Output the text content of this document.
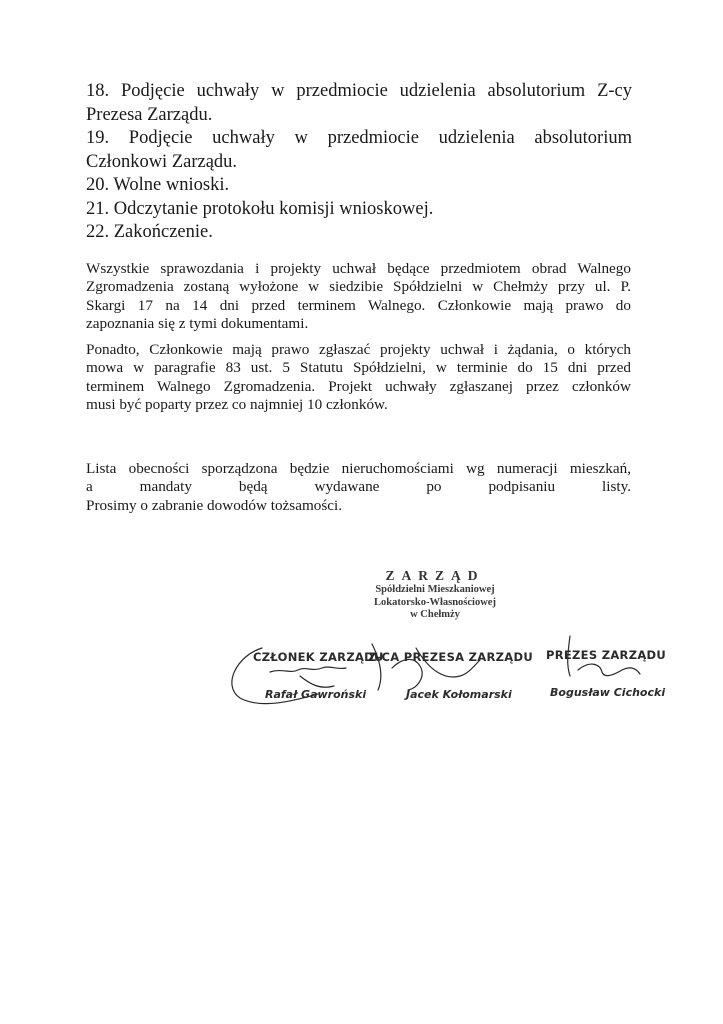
18. Podjęcie uchwały w przedmiocie udzielenia absolutorium Z-cy
Prezesa Zarządu.
19. Podjęcie uchwały w przedmiocie udzielenia absolutorium
Członkowi Zarządu.
20. Wolne wnioski.
21. Odczytanie protokołu komisji wnioskowej.
22. Zakończenie.

Wszystkie sprawozdania i projekty uchwał będące przedmiotem obrad Walnego
Zgromadzenia zostaną wyłożone w siedzibie Spółdzielni w Chełmży przy ul. P.
Skargi 17 na 14 dni przed terminem Walnego. Członkowie mają prawo do
zapoznania się z tymi dokumentami.

Ponadto, Członkowie mają prawo zgłaszać projekty uchwał i żądania, o których
mowa w paragrafie 83 ust. 5 Statutu Spółdzielni, w terminie do 15 dni przed
terminem Walnego Zgromadzenia. Projekt uchwały zgłaszanej przez członków
musi być poparty przez co najmniej 10 członków.

Lista obecności sporządzona będzie nieruchomościami wg numeracji mieszkań,
a mandaty będą wydawane po podpisaniu listy.
Prosimy o zabranie dowodów tożsamości.

ZARZĄD
Spółdzielni Mieszkaniowej
Lokatorsko-Własnościowej
w Chełmży
CZŁONEK ZARZĄDU
Rafał Gawroński
Z-CA PREZESA ZARZĄDU
Jacek Kołomarski
PREZES ZARZĄDU
Bogusław Cichocki
